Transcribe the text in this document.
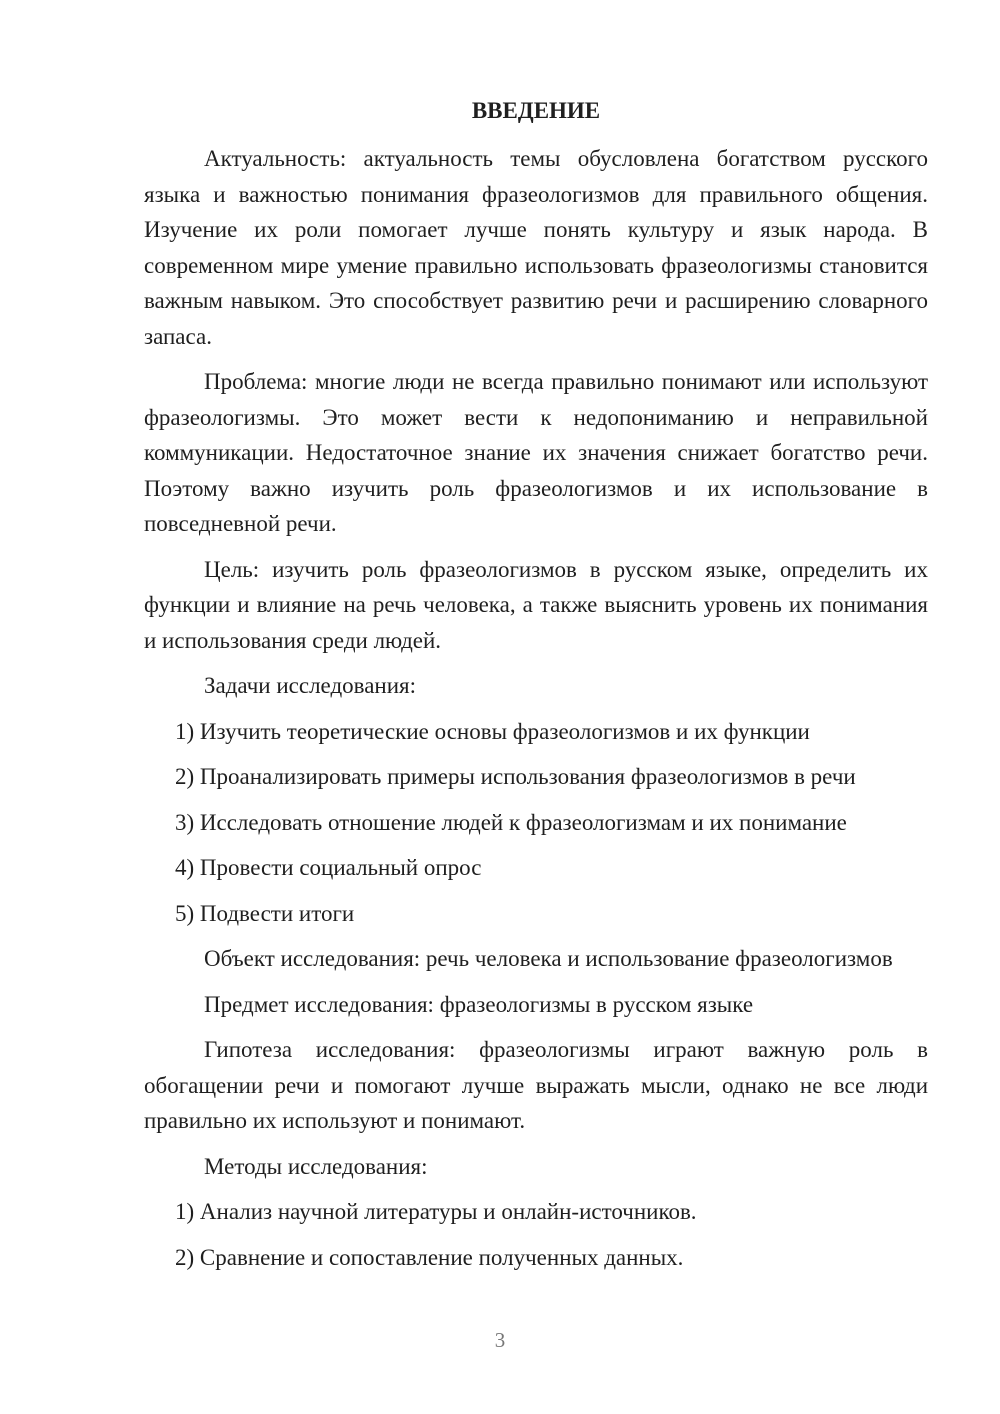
ВВЕДЕНИЕ

Актуальность: актуальность темы обусловлена богатством русского языка и важностью понимания фразеологизмов для правильного общения. Изучение их роли помогает лучше понять культуру и язык народа. В современном мире умение правильно использовать фразеологизмы становится важным навыком. Это способствует развитию речи и расширению словарного запаса.

Проблема: многие люди не всегда правильно понимают или используют фразеологизмы. Это может вести к недопониманию и неправильной коммуникации. Недостаточное знание их значения снижает богатство речи. Поэтому важно изучить роль фразеологизмов и их использование в повседневной речи.

Цель: изучить роль фразеологизмов в русском языке, определить их функции и влияние на речь человека, а также выяснить уровень их понимания и использования среди людей.

Задачи исследования:

1) Изучить теоретические основы фразеологизмов и их функции
2) Проанализировать примеры использования фразеологизмов в речи
3) Исследовать отношение людей к фразеологизмам и их понимание
4) Провести социальный опрос
5) Подвести итоги

Объект исследования: речь человека и использование фразеологизмов

Предмет исследования: фразеологизмы в русском языке

Гипотеза исследования: фразеологизмы играют важную роль в обогащении речи и помогают лучше выражать мысли, однако не все люди правильно их используют и понимают.

Методы исследования:

1) Анализ научной литературы и онлайн-источников.
2) Сравнение и сопоставление полученных данных.
3
